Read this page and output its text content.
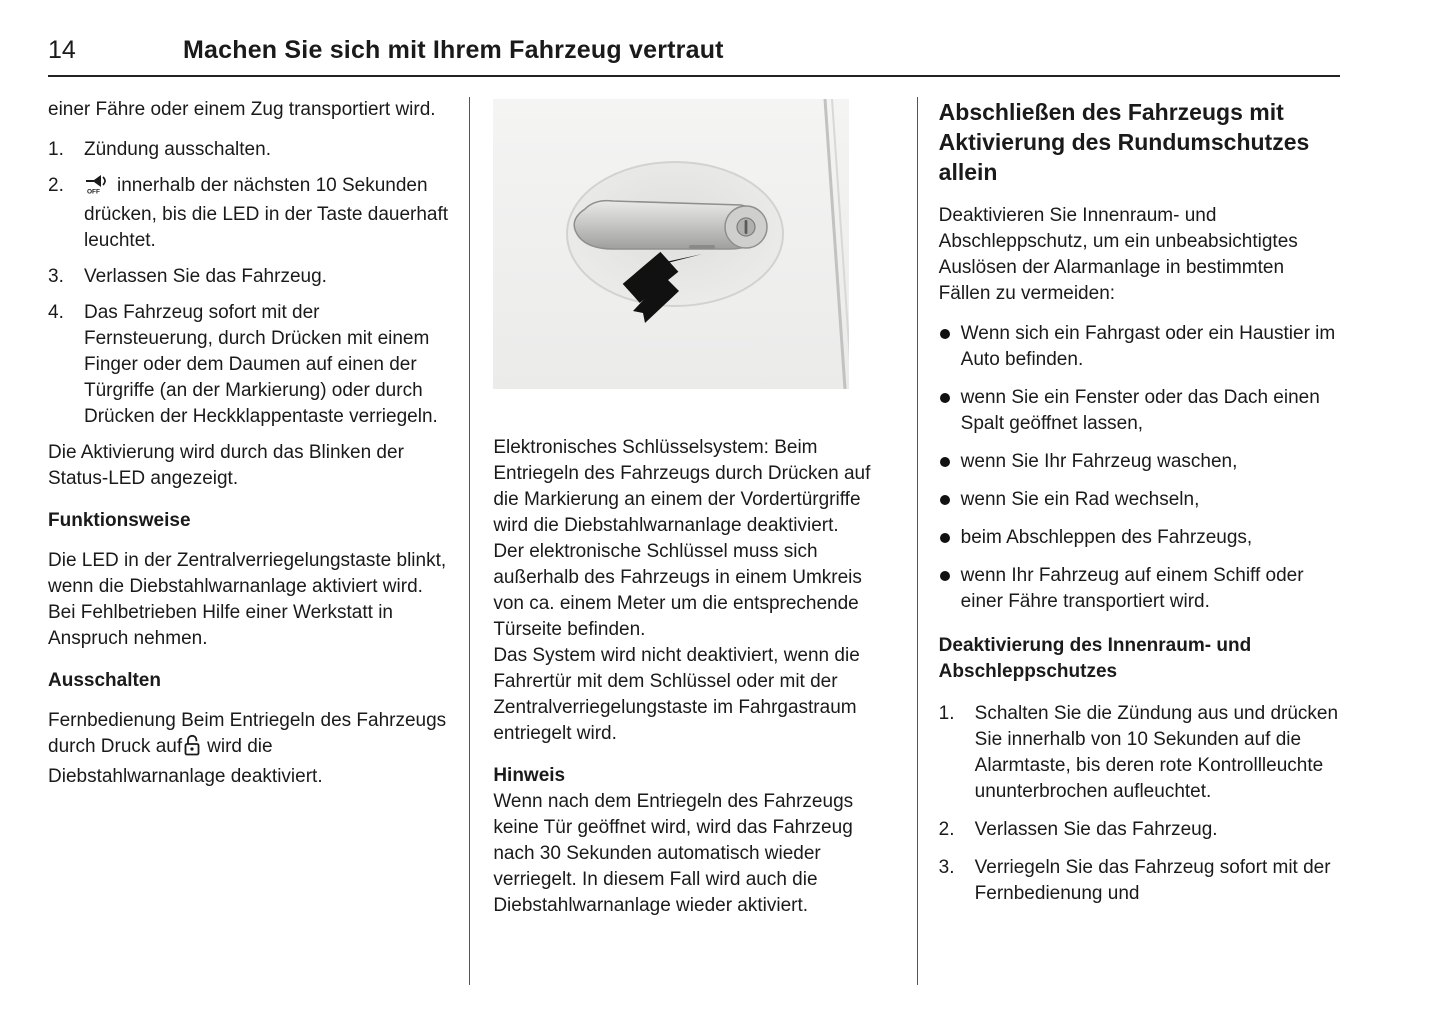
14	Machen Sie sich mit Ihrem Fahrzeug vertraut

einer Fähre oder einem Zug transportiert wird.

1.	Zündung ausschalten.
2.	OFF innerhalb der nächsten 10 Sekunden drücken, bis die LED in der Taste dauerhaft leuchtet.
3.	Verlassen Sie das Fahrzeug.
4.	Das Fahrzeug sofort mit der Fernsteuerung, durch Drücken mit einem Finger oder dem Daumen auf einen der Türgriffe (an der Markierung) oder durch Drücken der Heckklappentaste verriegeln.

Die Aktivierung wird durch das Blinken der Status-LED angezeigt.

Funktionsweise

Die LED in der Zentralverriegelungstaste blinkt, wenn die Diebstahlwarnanlage aktiviert wird.

Bei Fehlbetrieben Hilfe einer Werkstatt in Anspruch nehmen.

Ausschalten

Fernbedienung Beim Entriegeln des Fahrzeugs durch Druck auf wird die Diebstahlwarnanlage deaktiviert.

Elektronisches Schlüsselsystem: Beim Entriegeln des Fahrzeugs durch Drücken auf die Markierung an einem der Vordertürgriffe wird die Diebstahlwarnanlage deaktiviert.

Der elektronische Schlüssel muss sich außerhalb des Fahrzeugs in einem Umkreis von ca. einem Meter um die entsprechende Türseite befinden.

Das System wird nicht deaktiviert, wenn die Fahrertür mit dem Schlüssel oder mit der Zentralverriegelungstaste im Fahrgastraum entriegelt wird.

Hinweis

Wenn nach dem Entriegeln des Fahrzeugs keine Tür geöffnet wird, wird das Fahrzeug nach 30 Sekunden automatisch wieder verriegelt. In diesem Fall wird auch die Diebstahlwarnanlage wieder aktiviert.

Abschließen des Fahrzeugs mit Aktivierung des Rundumschutzes allein

Deaktivieren Sie Innenraum- und Abschleppschutz, um ein unbeabsichtigtes Auslösen der Alarmanlage in bestimmten Fällen zu vermeiden:

Wenn sich ein Fahrgast oder ein Haustier im Auto befinden.
wenn Sie ein Fenster oder das Dach einen Spalt geöffnet lassen,
wenn Sie Ihr Fahrzeug waschen,
wenn Sie ein Rad wechseln,
beim Abschleppen des Fahrzeugs,
wenn Ihr Fahrzeug auf einem Schiff oder einer Fähre transportiert wird.
Deaktivierung des Innenraum- und Abschleppschutzes
1.	Schalten Sie die Zündung aus und drücken Sie innerhalb von 10 Sekunden auf die Alarmtaste, bis deren rote Kontrollleuchte ununterbrochen aufleuchtet.
2.	Verlassen Sie das Fahrzeug.
3.	Verriegeln Sie das Fahrzeug sofort mit der Fernbedienung und
